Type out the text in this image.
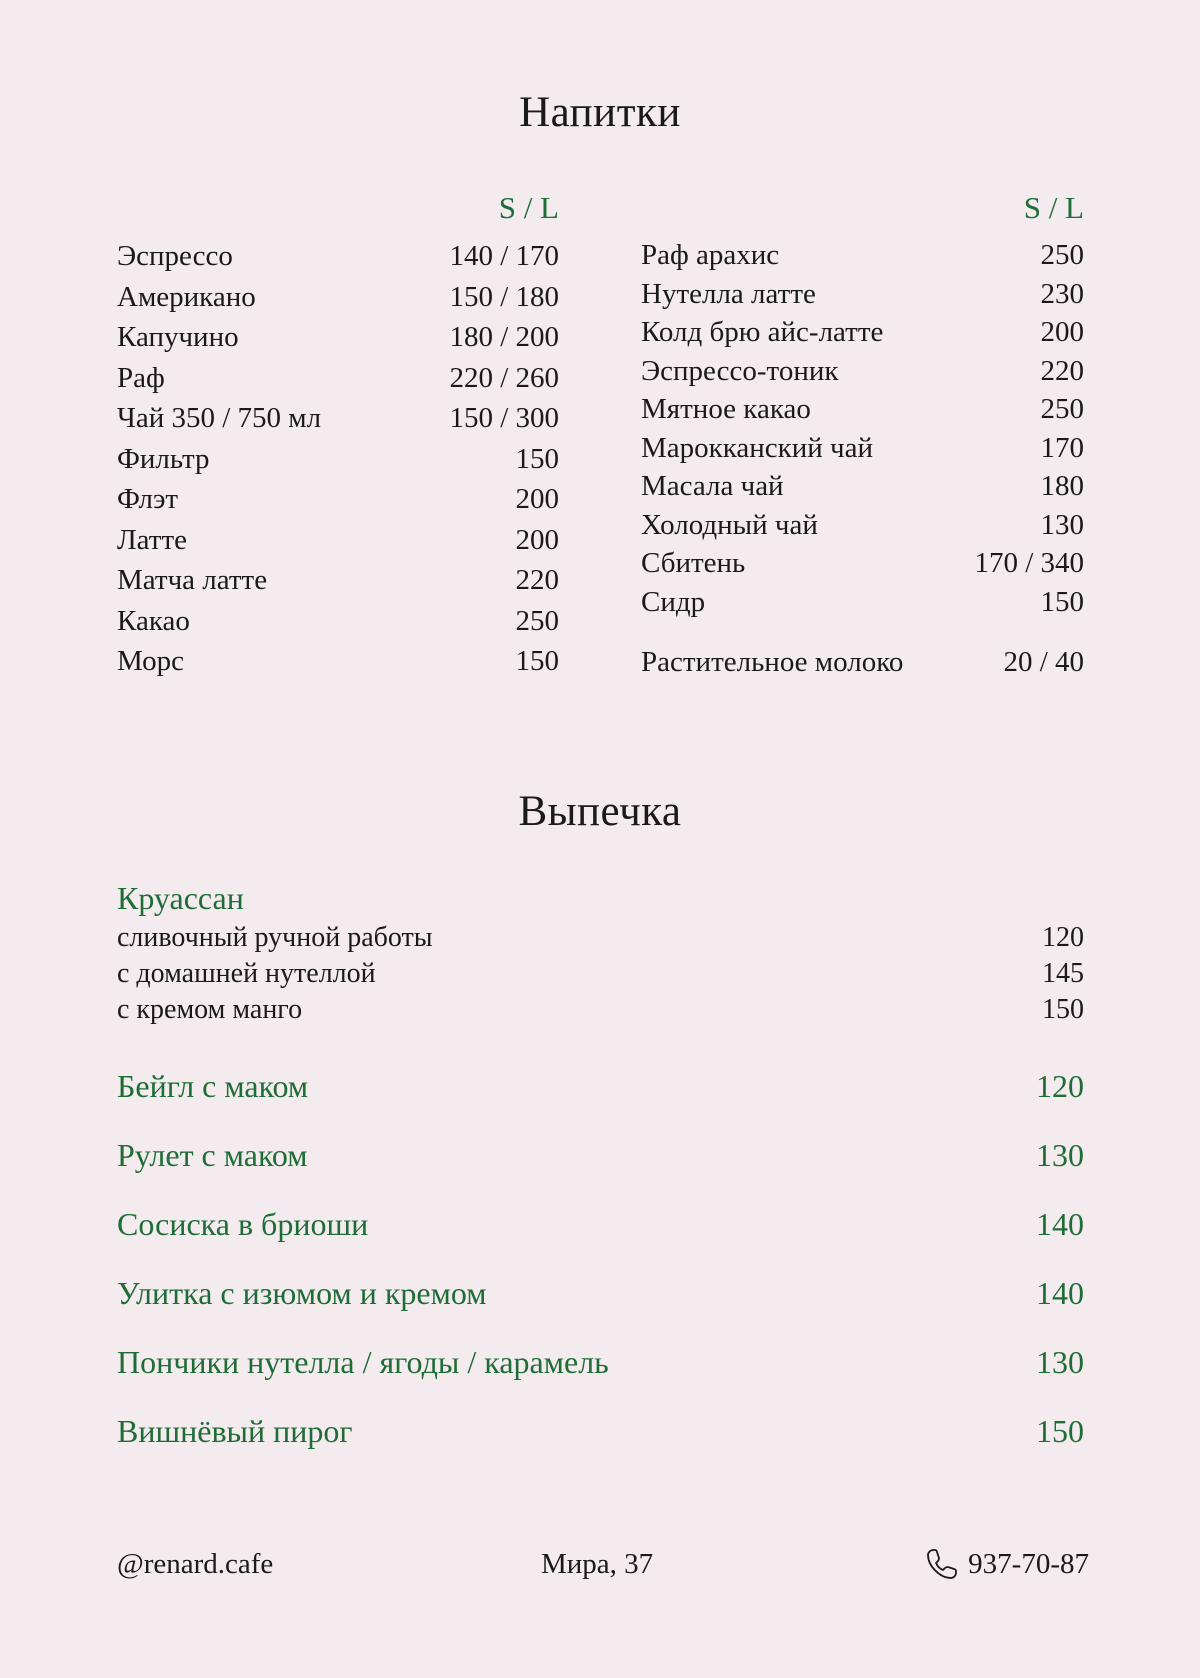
Напитки
S / L
Эспрессо	140 / 170
Американо	150 / 180
Капучино	180 / 200
Раф	220 / 260
Чай 350 / 750 мл	150 / 300
Фильтр	150
Флэт	200
Латте	200
Матча латте	220
Какао	250
Морс	150
S / L
Раф арахис	250
Нутелла латте	230
Колд брю айс-латте	200
Эспрессо-тоник	220
Мятное какао	250
Марокканский чай	170
Масала чай	180
Холодный чай	130
Сбитень	170 / 340
Сидр	150
Растительное молоко	20 / 40
Выпечка
Круассан
сливочный ручной работы	120
с домашней нутеллой	145
с кремом манго	150
Бейгл с маком	120
Рулет с маком	130
Сосиска в бриоши	140
Улитка с изюмом и кремом	140
Пончики нутелла / ягоды / карамель	130
Вишнёвый пирог	150
@renard.cafe	Мира, 37	937-70-87
